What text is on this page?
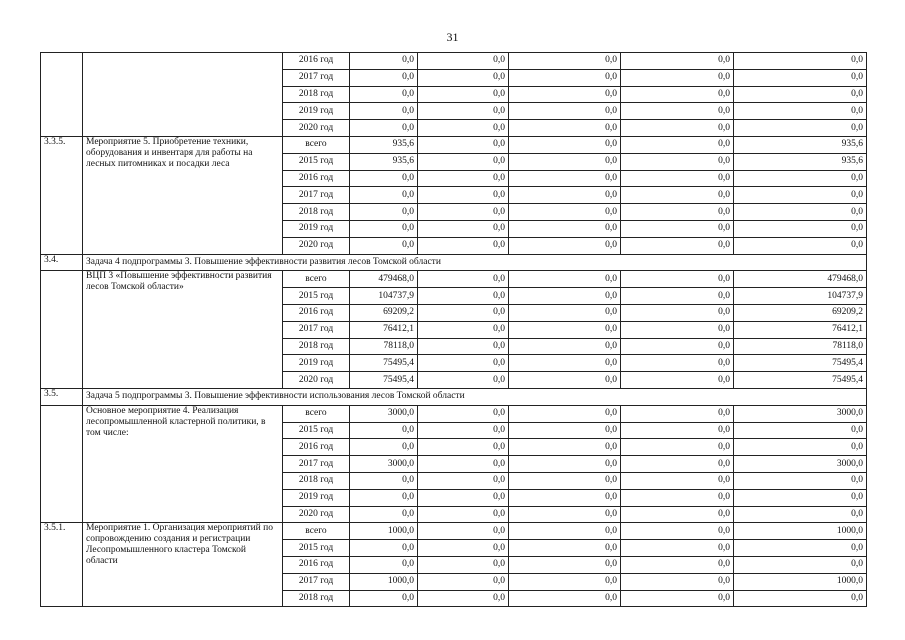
31
		2016 год	0,0	0,0	0,0	0,0	0,0
		2017 год	0,0	0,0	0,0	0,0	0,0
		2018 год	0,0	0,0	0,0	0,0	0,0
		2019 год	0,0	0,0	0,0	0,0	0,0
		2020 год	0,0	0,0	0,0	0,0	0,0
3.3.5.	Мероприятие 5. Приобретение техники, оборудования и инвентаря для работы на лесных питомниках и посадки леса	всего	935,6	0,0	0,0	0,0	935,6
		2015 год	935,6	0,0	0,0	0,0	935,6
		2016 год	0,0	0,0	0,0	0,0	0,0
		2017 год	0,0	0,0	0,0	0,0	0,0
		2018 год	0,0	0,0	0,0	0,0	0,0
		2019 год	0,0	0,0	0,0	0,0	0,0
		2020 год	0,0	0,0	0,0	0,0	0,0
3.4.	Задача 4 подпрограммы 3. Повышение эффективности развития лесов Томской области						
	ВЦП 3 «Повышение эффективности развития лесов Томской области»	всего	479468,0	0,0	0,0	0,0	479468,0
		2015 год	104737,9	0,0	0,0	0,0	104737,9
		2016 год	69209,2	0,0	0,0	0,0	69209,2
		2017 год	76412,1	0,0	0,0	0,0	76412,1
		2018 год	78118,0	0,0	0,0	0,0	78118,0
		2019 год	75495,4	0,0	0,0	0,0	75495,4
		2020 год	75495,4	0,0	0,0	0,0	75495,4
3.5.	Задача 5 подпрограммы 3. Повышение эффективности использования лесов Томской области						
	Основное мероприятие 4. Реализация лесопромышленной кластерной политики, в том числе:	всего	3000,0	0,0	0,0	0,0	3000,0
		2015 год	0,0	0,0	0,0	0,0	0,0
		2016 год	0,0	0,0	0,0	0,0	0,0
		2017 год	3000,0	0,0	0,0	0,0	3000,0
		2018 год	0,0	0,0	0,0	0,0	0,0
		2019 год	0,0	0,0	0,0	0,0	0,0
		2020 год	0,0	0,0	0,0	0,0	0,0
3.5.1.	Мероприятие 1. Организация мероприятий по сопровождению создания и регистрации Лесопромышленного кластера Томской области	всего	1000,0	0,0	0,0	0,0	1000,0
		2015 год	0,0	0,0	0,0	0,0	0,0
		2016 год	0,0	0,0	0,0	0,0	0,0
		2017 год	1000,0	0,0	0,0	0,0	1000,0
		2018 год	0,0	0,0	0,0	0,0	0,0
